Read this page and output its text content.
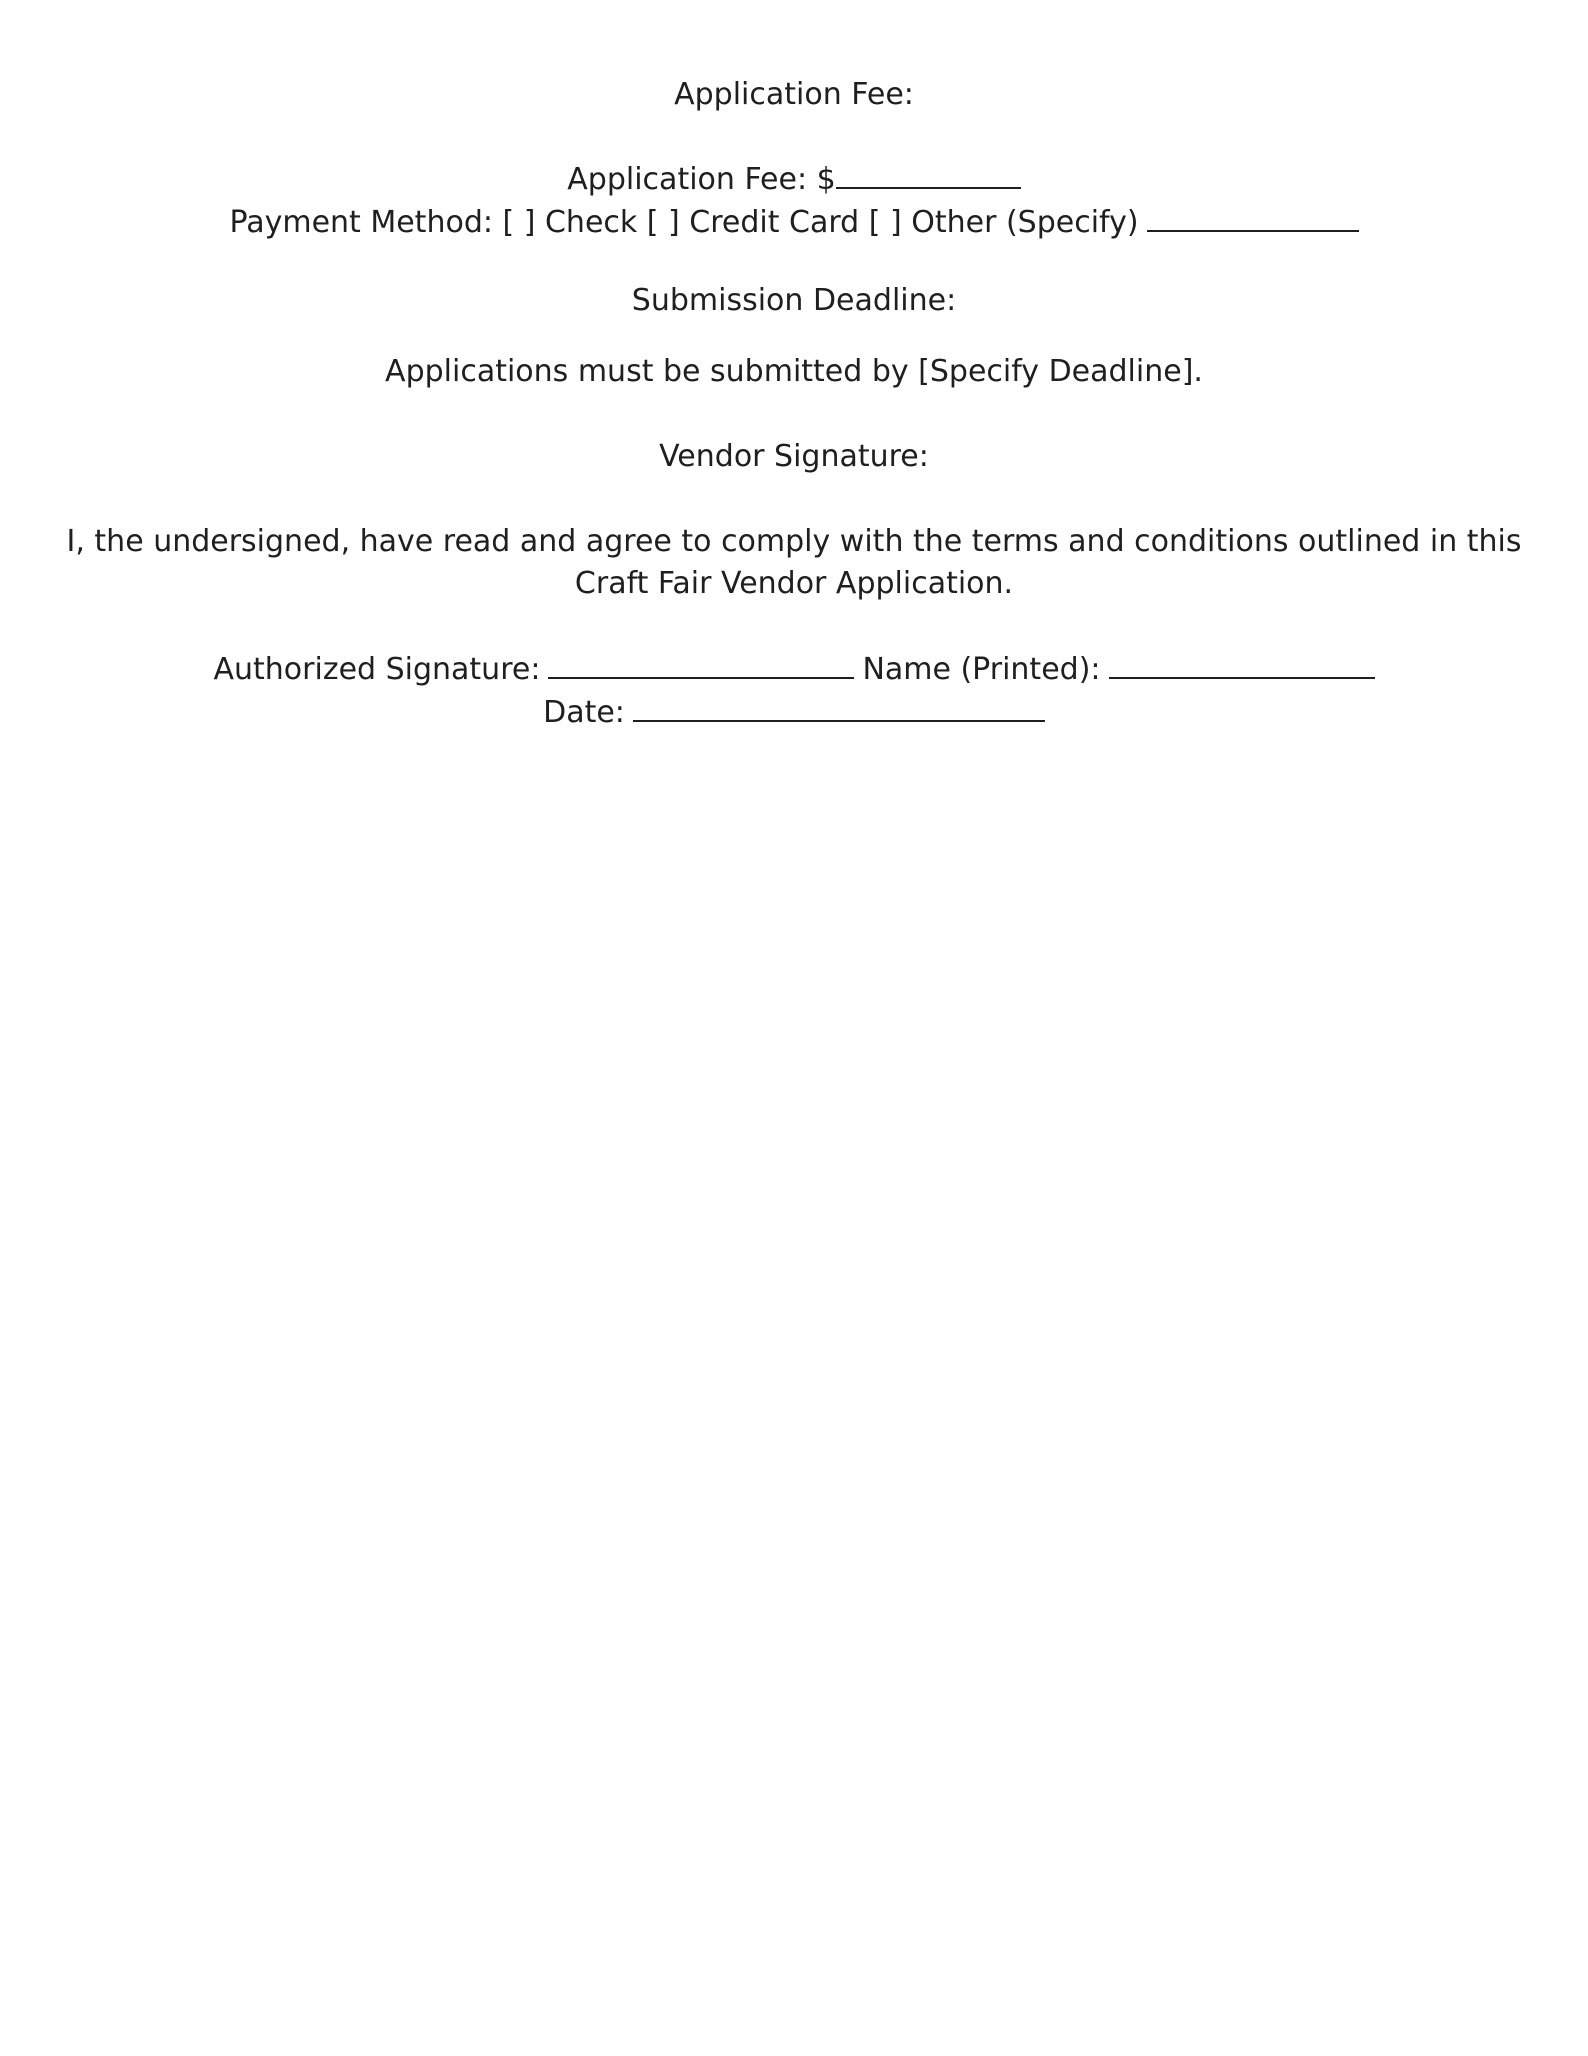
Application Fee:
Application Fee: $
Payment Method: [ ] Check [ ] Credit Card [ ] Other (Specify)
Submission Deadline:
Applications must be submitted by [Specify Deadline].
Vendor Signature:
I, the undersigned, have read and agree to comply with the terms and conditions outlined in this Craft Fair Vendor Application.
Authorized Signature:	Name (Printed):
Date:
